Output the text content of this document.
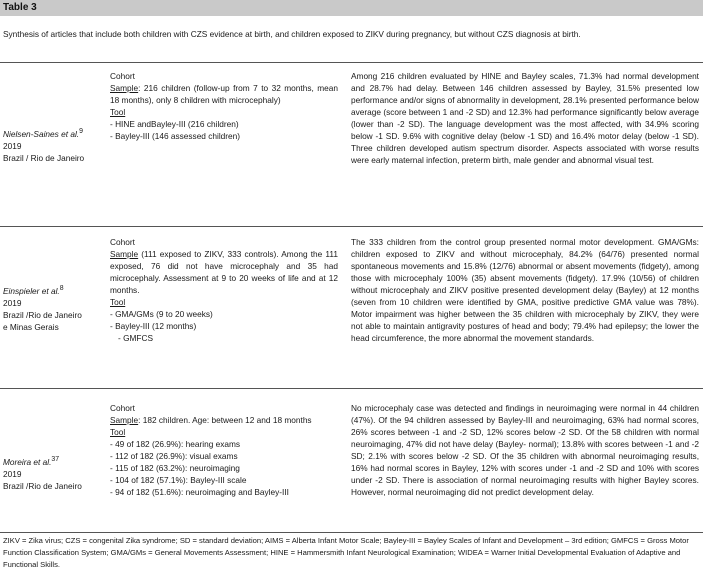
Table 3
Synthesis of articles that include both children with CZS evidence at birth, and children exposed to ZIKV during pregnancy, but without CZS diagnosis at birth.
Nielsen-Saines et al.$^9$
2019
Brazil / Rio de Janeiro
Cohort
Sample: 216 children (follow-up from 7 to 32 months, mean 18 months), only 8 children with microcephaly)
Tool
- HINE andBayley-III (216 children)
- Bayley-III (146 assessed children)
Among 216 children evaluated by HINE and Bayley scales, 71.3% had normal development and 28.7% had delay. Between 146 children assessed by Bayley, 31.5% presented low performance and/or signs of abnormality in development, 28.1% presented performance below average (score between 1 and -2 SD) and 12.3% had performance significantly below average (lower than -2 SD). The language development was the most affected, with 34.9% scoring below -1 SD. 9.6% with cognitive delay (below -1 SD) and 16.4% motor delay (below -1 SD). Three children developed autism spectrum disorder. Aspects associated with worse results were early maternal infection, preterm birth, male gender and abnormal visual test.
Einspieler et al.$^8$
2019
Brazil /Rio de Janeiro
e Minas Gerais
Cohort
Sample (111 exposed to ZIKV, 333 controls). Among the 111 exposed, 76 did not have microcephaly and 35 had microcephaly. Assessment at 9 to 20 weeks of life and at 12 months.
Tool
- GMA/GMs (9 to 20 weeks)
- Bayley-III (12 months)
- GMFCS
The 333 children from the control group presented normal motor development. GMA/GMs: children exposed to ZIKV and without microcephaly, 84.2% (64/76) presented normal spontaneous movements and 15.8% (12/76) abnormal or absent movements (fidgety), among those with microcephaly 100% (35) absent movements (fidgety). 17.9% (10/56) of children without microcephaly and ZIKV positive presented development delay (Bayley) at 12 months (seven from 10 children were identified by GMA, positive predictive GMA value was 78%). Motor impairment was higher between the 35 children with microcephaly by ZIKV, they were not able to maintain antigravity postures of head and body; 79.4% had epilepsy; the lower the head circumference, the more abnormal the movement standards.
Moreira et al.$^{37}$
2019
Brazil /Rio de Janeiro
Cohort
Sample: 182 children. Age: between 12 and 18 months
Tool
- 49 of 182 (26.9%): hearing exams
- 112 of 182 (26.9%): visual exams
- 115 of 182 (63.2%): neuroimaging
- 104 of 182 (57.1%): Bayley-III scale
- 94 of 182 (51.6%): neuroimaging and Bayley-III
No microcephaly case was detected and findings in neuroimaging were normal in 44 children (47%). Of the 94 children assessed by Bayley-III and neuroimaging, 63% had normal scores, 26% scores between -1 and -2 SD, 12% scores below -2 SD. Of the 58 children with normal neuroimaging, 47% did not have delay (Bayley- normal); 13.8% with scores between -1 and -2 SD; 2.1% with scores below -2 SD. Of the 35 children with abnormal neuroimaging results, 16% had normal scores in Bayley, 12% with scores under -1 and -2 SD and 10% with scores under -2 SD. There is association of normal neuroimaging results with higher Bayley scores. However, normal neuroimaging did not predict development delay.
ZIKV = Zika virus; CZS = congenital Zika syndrome; SD = standard deviation; AIMS = Alberta Infant Motor Scale; Bayley-III = Bayley Scales of Infant and Development – 3rd edition; GMFCS = Gross Motor Function Classification System; GMA/GMs = General Movements Assessment; HINE = Hammersmith Infant Neurological Examination; WIDEA = Warner Initial Developmental Evaluation of Adaptive and Functional Skills.
